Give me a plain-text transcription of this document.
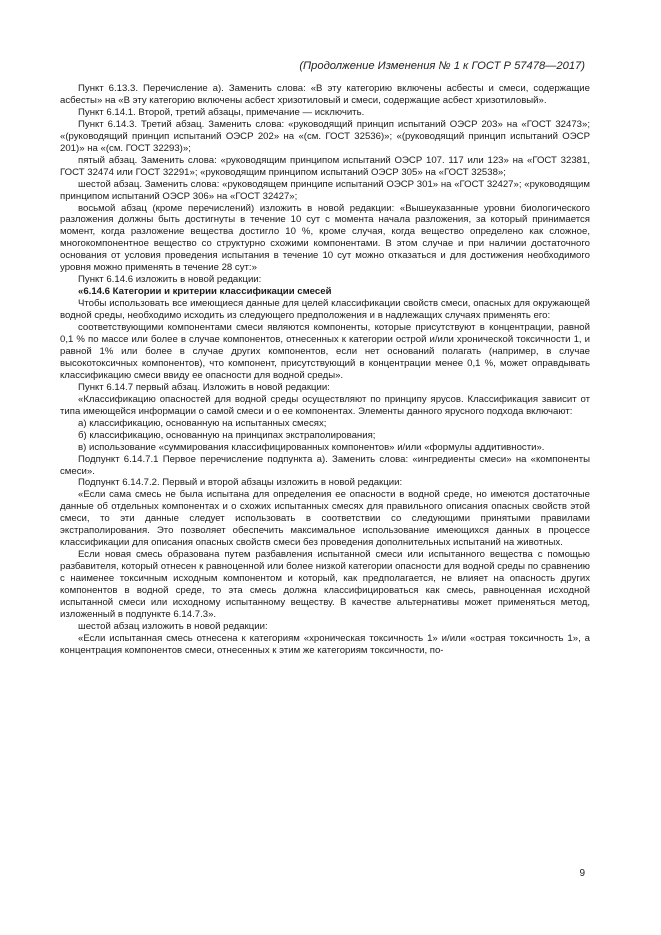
(Продолжение Изменения № 1 к ГОСТ Р 57478—2017)

Пункт 6.13.3. Перечисление а). Заменить слова: «В эту категорию включены асбесты и смеси, содержащие асбесты» на «В эту категорию включены асбест хризотиловый и смеси, содержащие асбест хризотиловый».

Пункт 6.14.1. Второй, третий абзацы, примечание — исключить.

Пункт 6.14.3. Третий абзац. Заменить слова: «руководящий принцип испытаний ОЭСР 203» на «ГОСТ 32473»; «(руководящий принцип испытаний ОЭСР 202» на «(см. ГОСТ 32536)»; «(руководящий принцип испытаний ОЭСР 201)» на «(см. ГОСТ 32293)»;

пятый абзац. Заменить слова: «руководящим принципом испытаний ОЭСР 107. 117 или 123» на «ГОСТ 32381, ГОСТ 32474 или ГОСТ 32291»; «руководящим принципом испытаний ОЭСР 305» на «ГОСТ 32538»;

шестой абзац. Заменить слова: «руководящем принципе испытаний ОЭСР 301» на «ГОСТ 32427»; «руководящим принципом испытаний ОЭСР 306» на «ГОСТ 32427»;

восьмой абзац (кроме перечислений) изложить в новой редакции: «Вышеуказанные уровни биологического разложения должны быть достигнуты в течение 10 сут с момента начала разложения, за который принимается момент, когда разложение вещества достигло 10 %, кроме случая, когда вещество определено как сложное, многокомпонентное вещество со структурно схожими компонентами. В этом случае и при наличии достаточного основания от условия проведения испытания в течение 10 сут можно отказаться и для достижения необходимого уровня можно применять в течение 28 сут:»

Пункт 6.14.6 изложить в новой редакции:

«6.14.6 Категории и критерии классификации смесей

Чтобы использовать все имеющиеся данные для целей классификации свойств смеси, опасных для окружающей водной среды, необходимо исходить из следующего предположения и в надлежащих случаях применять его:

соответствующими компонентами смеси являются компоненты, которые присутствуют в концентрации, равной 0,1 % по массе или более в случае компонентов, отнесенных к категории острой и/или хронической токсичности 1, и равной 1% или более в случае других компонентов, если нет оснований полагать (например, в случае высокотоксичных компонентов), что компонент, присутствующий в концентрации менее 0,1 %, может оправдывать классификацию смеси ввиду ее опасности для водной среды».

Пункт 6.14.7 первый абзац. Изложить в новой редакции:

«Классификацию опасностей для водной среды осуществляют по принципу ярусов. Классификация зависит от типа имеющейся информации о самой смеси и о ее компонентах. Элементы данного ярусного подхода включают:

а) классификацию, основанную на испытанных смесях;

б) классификацию, основанную на принципах экстраполирования;

в) использование «суммирования классифицированных компонентов» и/или «формулы аддитивности».

Подпункт 6.14.7.1 Первое перечисление подпункта а). Заменить слова: «ингредиенты смеси» на «компоненты смеси».

Подпункт 6.14.7.2. Первый и второй абзацы изложить в новой редакции:

«Если сама смесь не была испытана для определения ее опасности в водной среде, но имеются достаточные данные об отдельных компонентах и о схожих испытанных смесях для правильного описания опасных свойств этой смеси, то эти данные следует использовать в соответствии со следующими принятыми правилами экстраполирования. Это позволяет обеспечить максимальное использование имеющихся данных в процессе классификации для описания опасных свойств смеси без проведения дополнительных испытаний на животных.

Если новая смесь образована путем разбавления испытанной смеси или испытанного вещества с помощью разбавителя, который отнесен к равноценной или более низкой категории опасности для водной среды по сравнению с наименее токсичным исходным компонентом и который, как предполагается, не влияет на опасность других компонентов в водной среде, то эта смесь должна классифицироваться как смесь, равноценная исходной испытанной смеси или исходному испытанному веществу. В качестве альтернативы может применяться метод, изложенный в подпункте 6.14.7.3».

шестой абзац изложить в новой редакции:

«Если испытанная смесь отнесена к категориям «хроническая токсичность 1» и/или «острая токсичность 1», а концентрация компонентов смеси, отнесенных к этим же категориям токсичности, по-

9
